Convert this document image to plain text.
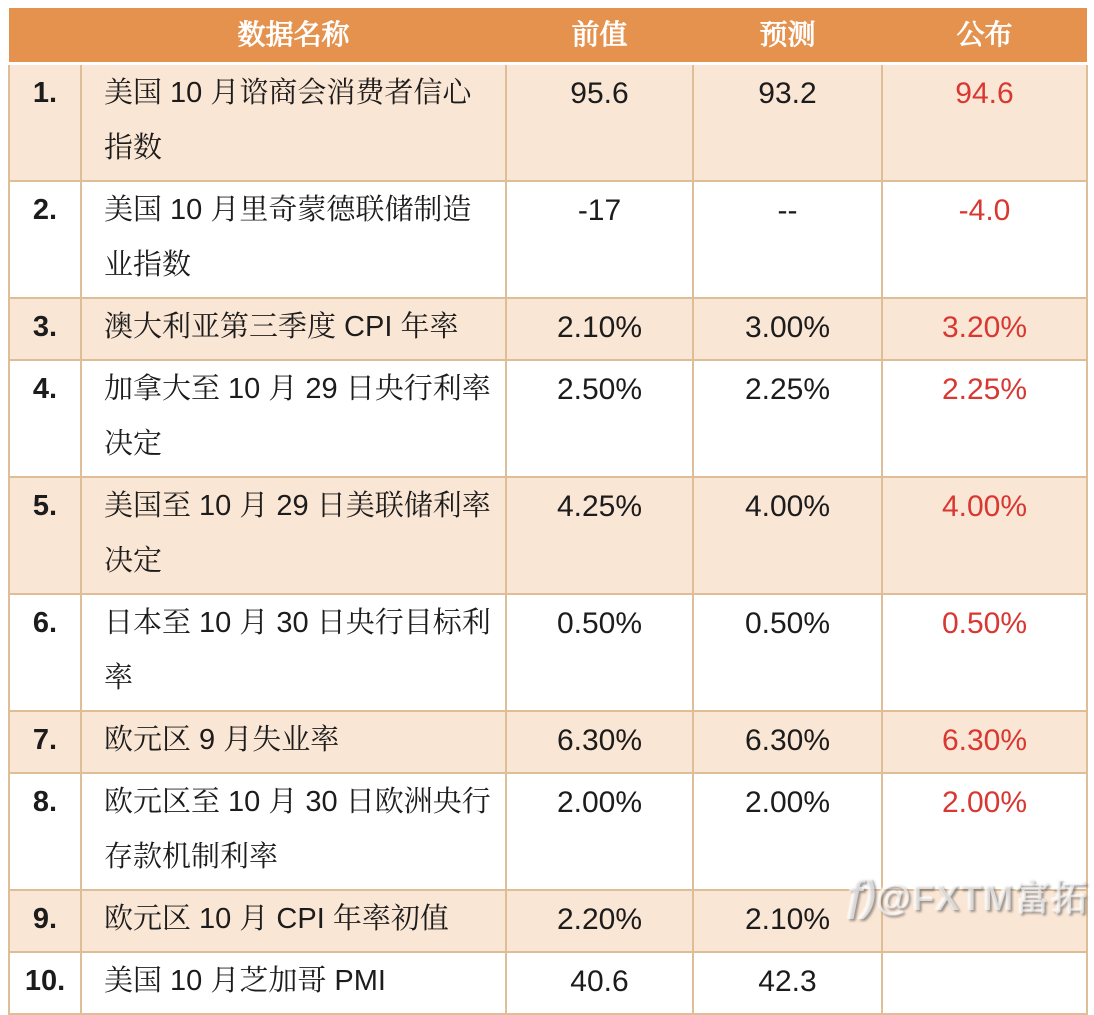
	数据名称	前值	预测	公布
1.	美国 10 月谘商会消费者信心指数	95.6	93.2	94.6
2.	美国 10 月里奇蒙德联储制造业指数	-17	--	-4.0
3.	澳大利亚第三季度 CPI 年率	2.10%	3.00%	3.20%
4.	加拿大至 10 月 29 日央行利率决定	2.50%	2.25%	2.25%
5.	美国至 10 月 29 日美联储利率决定	4.25%	4.00%	4.00%
6.	日本至 10 月 30 日央行目标利率	0.50%	0.50%	0.50%
7.	欧元区 9 月失业率	6.30%	6.30%	6.30%
8.	欧元区至 10 月 30 日欧洲央行存款机制利率	2.00%	2.00%	2.00%
9.	欧元区 10 月 CPI 年率初值	2.20%	2.10%	
10.	美国 10 月芝加哥 PMI	40.6	42.3	
ƒ) @FXTM富拓
